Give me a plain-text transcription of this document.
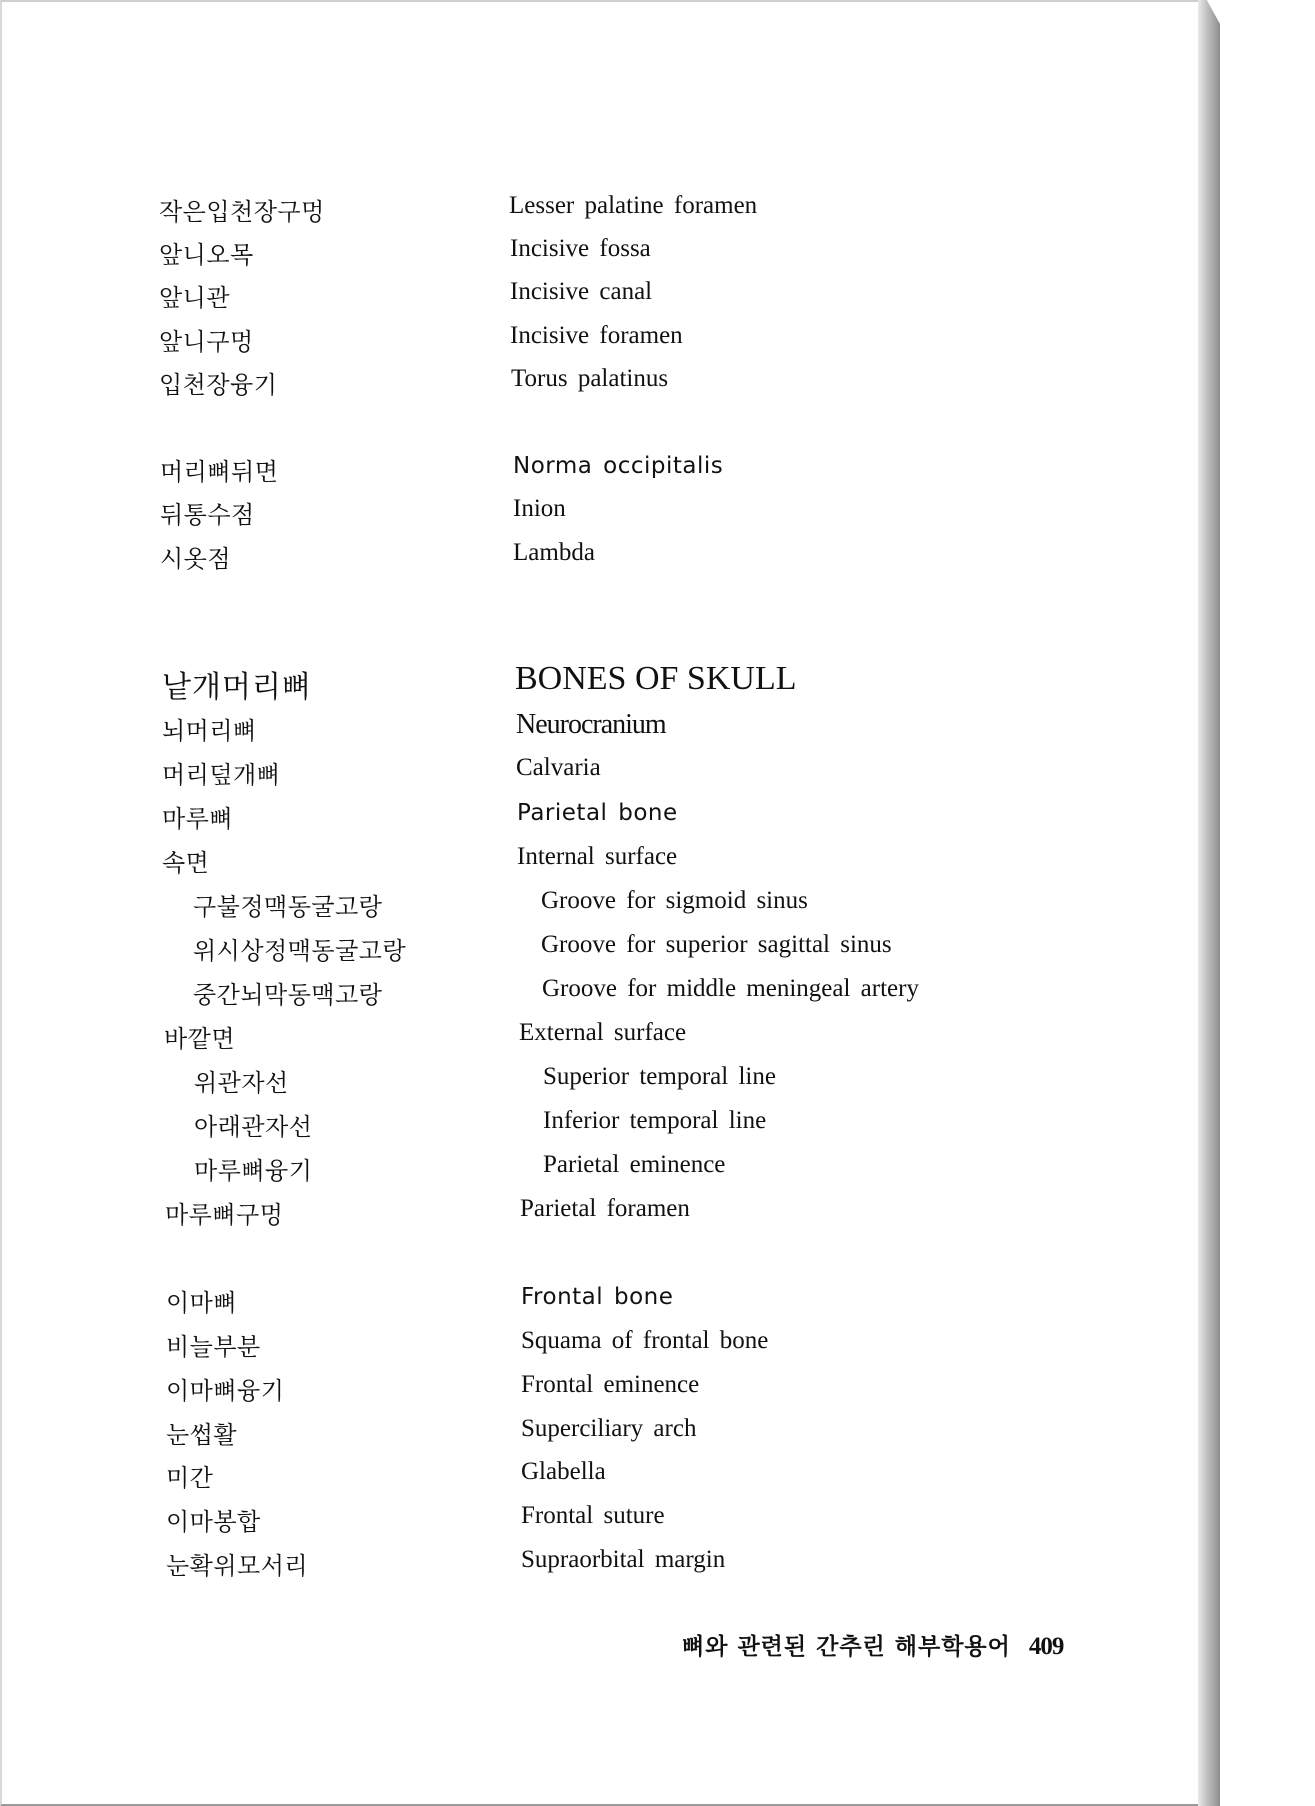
작은입천장구멍	Lesser palatine foramen
앞니오목	Incisive fossa
앞니관	Incisive canal
앞니구멍	Incisive foramen
입천장융기	Torus palatinus
머리뼈뒤면	Norma occipitalis
뒤통수점	Inion
시옷점	Lambda
낱개머리뼈	BONES OF SKULL
뇌머리뼈	Neurocranium
머리덮개뼈	Calvaria
마루뼈	Parietal bone
속면	Internal surface
구불정맥동굴고랑	Groove for sigmoid sinus
위시상정맥동굴고랑	Groove for superior sagittal sinus
중간뇌막동맥고랑	Groove for middle meningeal artery
바깥면	External surface
위관자선	Superior temporal line
아래관자선	Inferior temporal line
마루뼈융기	Parietal eminence
마루뼈구멍	Parietal foramen
이마뼈	Frontal bone
비늘부분	Squama of frontal bone
이마뼈융기	Frontal eminence
눈썹활	Superciliary arch
미간	Glabella
이마봉합	Frontal suture
눈확위모서리	Supraorbital margin
뼈와 관련된 간추린 해부학용어 409
